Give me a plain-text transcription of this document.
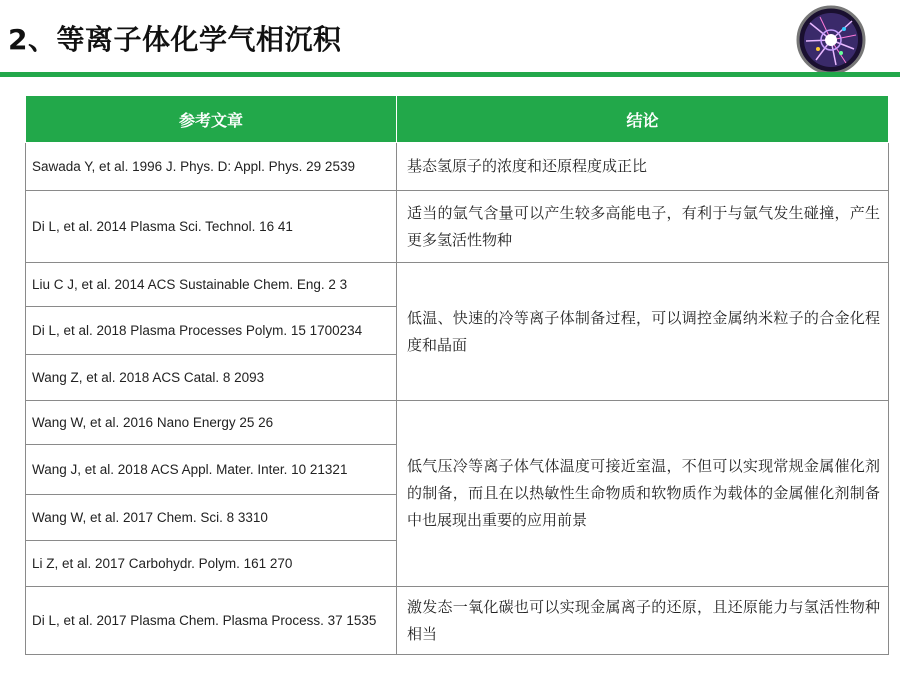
2、等离子体化学气相沉积
参考文章	结论
Sawada Y, et al. 1996 J. Phys. D: Appl. Phys. 29 2539	基态氢原子的浓度和还原程度成正比
Di L, et al. 2014 Plasma Sci. Technol. 16 41	适当的氩气含量可以产生较多高能电子，有利于与氩气发生碰撞，产生更多氢活性物种
Liu C J, et al. 2014 ACS Sustainable Chem. Eng. 2 3	低温、快速的冷等离子体制备过程，可以调控金属纳米粒子的合金化程度和晶面
Di L, et al. 2018 Plasma Processes Polym. 15 1700234	
Wang Z, et al. 2018 ACS Catal. 8 2093	
Wang W, et al. 2016 Nano Energy 25 26	低气压冷等离子体气体温度可接近室温，不但可以实现常规金属催化剂的制备，而且在以热敏性生命物质和软物质作为载体的金属催化剂制备中也展现出重要的应用前景
Wang J, et al. 2018 ACS Appl. Mater. Inter. 10 21321	
Wang W, et al. 2017 Chem. Sci. 8 3310	
Li Z, et al. 2017 Carbohydr. Polym. 161 270	
Di L, et al. 2017 Plasma Chem. Plasma Process. 37 1535	激发态一氧化碳也可以实现金属离子的还原，且还原能力与氢活性物种相当
